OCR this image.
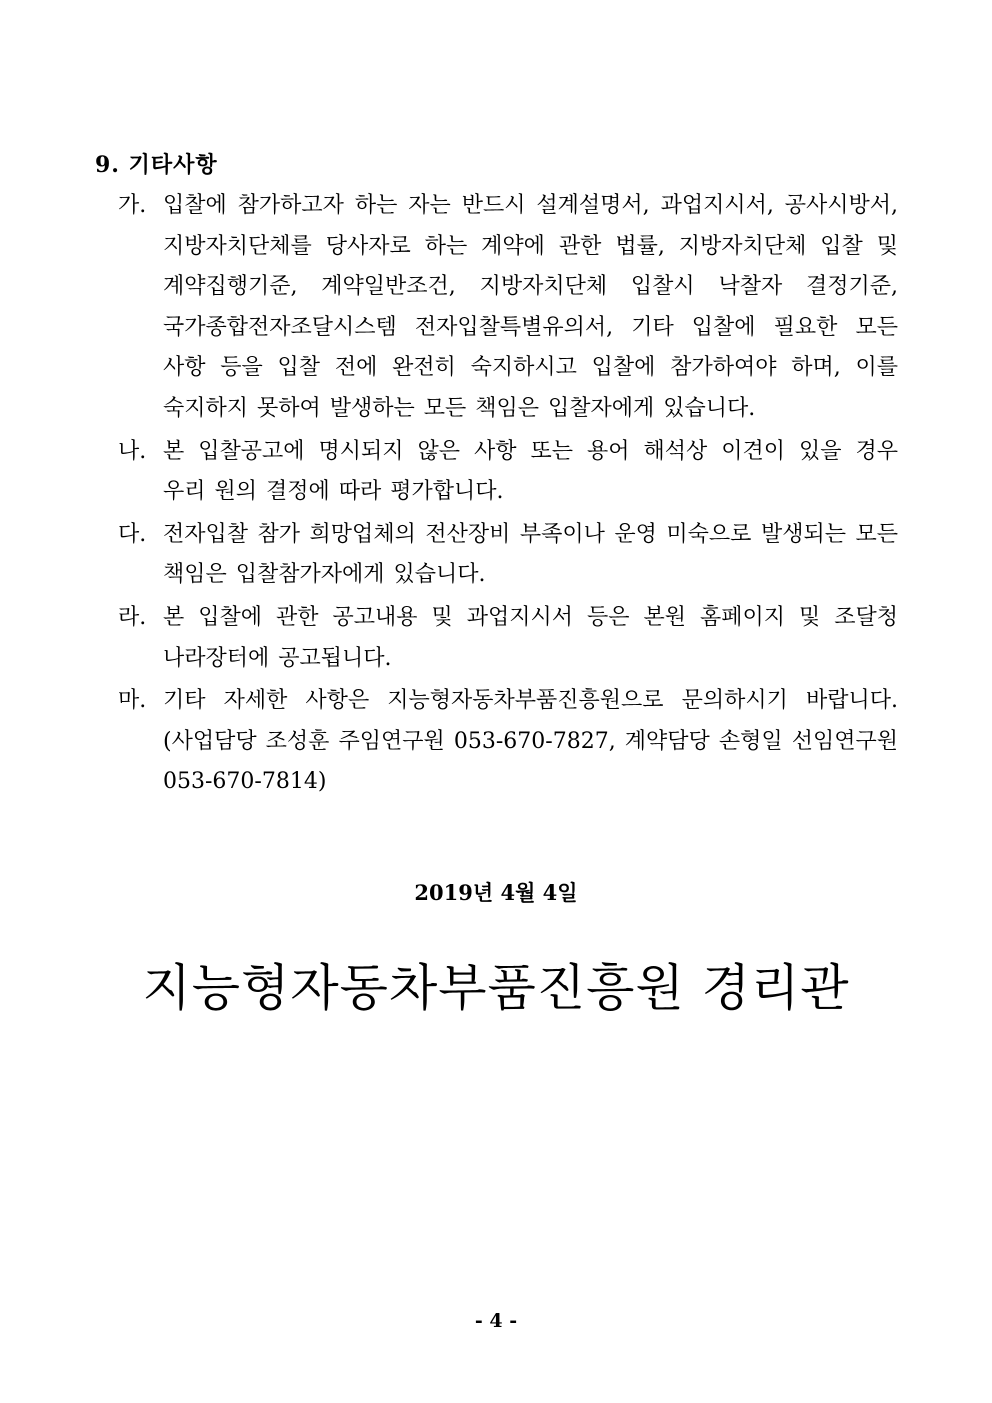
9. 기타사항
가. 입찰에 참가하고자 하는 자는 반드시 설계설명서, 과업지시서, 공사시방서, 지방자치단체를 당사자로 하는 계약에 관한 법률, 지방자치단체 입찰 및 계약집행기준, 계약일반조건, 지방자치단체 입찰시 낙찰자 결정기준, 국가종합전자조달시스템 전자입찰특별유의서, 기타 입찰에 필요한 모든 사항 등을 입찰 전에 완전히 숙지하시고 입찰에 참가하여야 하며, 이를 숙지하지 못하여 발생하는 모든 책임은 입찰자에게 있습니다.
나. 본 입찰공고에 명시되지 않은 사항 또는 용어 해석상 이견이 있을 경우 우리 원의 결정에 따라 평가합니다.
다. 전자입찰 참가 희망업체의 전산장비 부족이나 운영 미숙으로 발생되는 모든 책임은 입찰참가자에게 있습니다.
라. 본 입찰에 관한 공고내용 및 과업지시서 등은 본원 홈페이지 및 조달청 나라장터에 공고됩니다.
마. 기타 자세한 사항은 지능형자동차부품진흥원으로 문의하시기 바랍니다.(사업담당 조성훈 주임연구원 053-670-7827, 계약담당 손형일 선임연구원 053-670-7814)
2019년 4월 4일
지능형자동차부품진흥원 경리관
- 4 -
